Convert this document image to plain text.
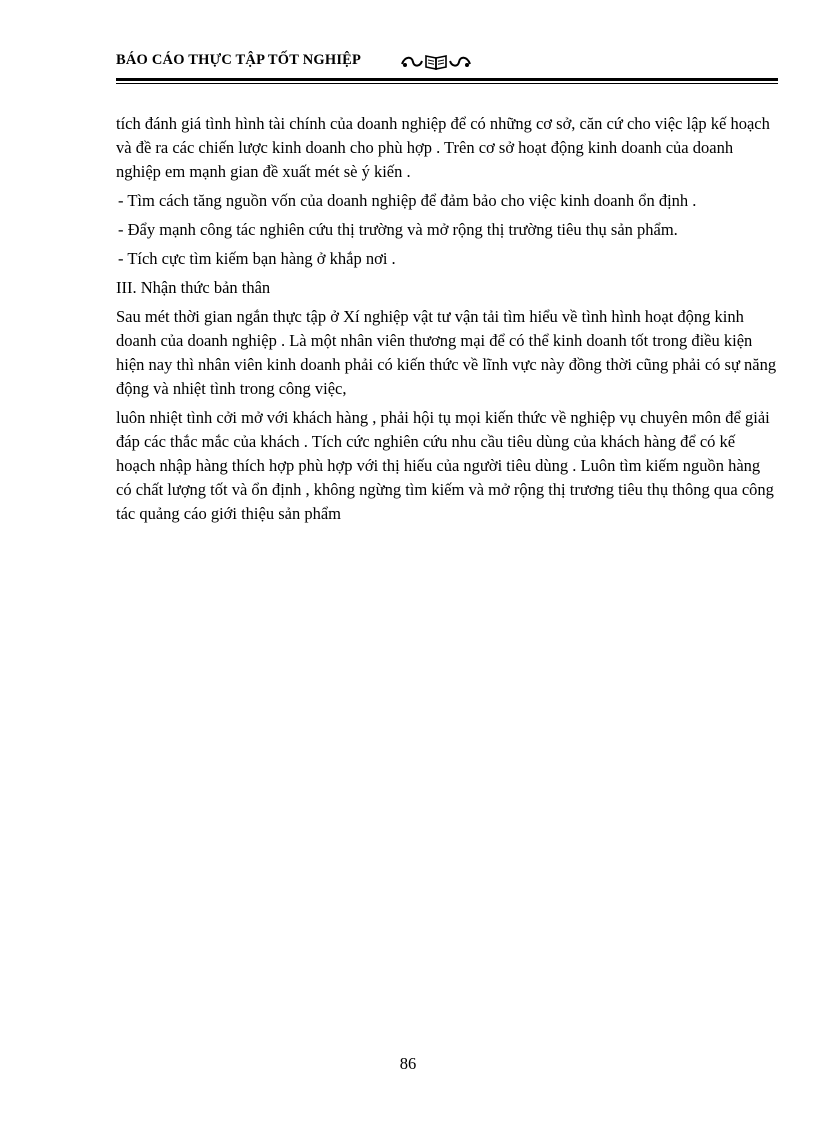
BÁO CÁO THỰC TẬP TỐT NGHIỆP

tích đánh giá tình hình tài chính của doanh nghiệp để có những cơ sở, căn cứ cho việc lập kế hoạch và đề ra các chiến lược kinh doanh cho phù hợp . Trên cơ sở hoạt động kinh doanh của doanh nghiệp em mạnh gian đề xuất mét sè ý kiến .

- Tìm cách tăng nguồn vốn của doanh nghiệp để đảm bảo cho việc kinh doanh ổn định .

- Đẩy mạnh công tác nghiên cứu thị trường và mở rộng thị trường tiêu thụ sản phẩm.

- Tích cực tìm kiếm bạn hàng ở khắp nơi .

III. Nhận thức bản thân

Sau mét thời gian ngắn thực tập ở Xí nghiệp vật tư vận tải tìm hiểu về tình hình hoạt động kinh doanh của doanh nghiệp . Là một nhân viên thương mại để có thể kinh doanh tốt trong điều kiện hiện nay thì nhân viên kinh doanh phải có kiến thức về lĩnh vực này đồng thời cũng phải có sự năng động và nhiệt tình trong công việc,

luôn nhiệt tình cởi mở với khách hàng , phải hội tụ mọi kiến thức về nghiệp vụ chuyên môn để giải đáp các thắc mắc của khách . Tích cức nghiên cứu nhu cầu tiêu dùng của khách hàng để có kế hoạch nhập hàng thích hợp phù hợp với thị hiếu của người tiêu dùng . Luôn tìm kiếm nguồn hàng có chất lượng tốt và ổn định , không ngừng tìm kiếm và mở rộng thị trương tiêu thụ thông qua công tác quảng cáo giới thiệu sản phẩm

86
